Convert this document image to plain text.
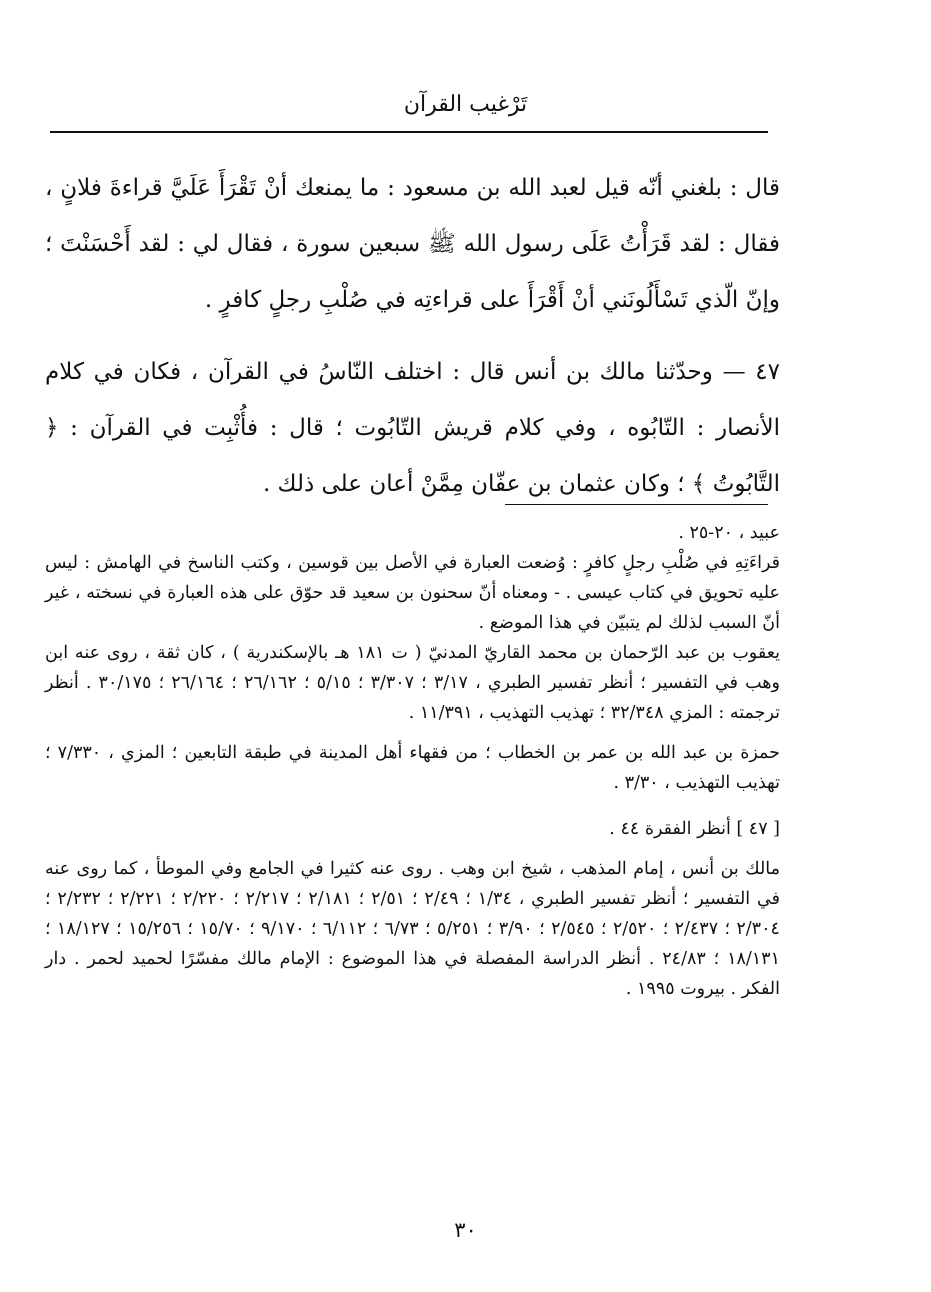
تَرْغيب القرآن

قال : بلغني أنّه قيل لعبد الله بن مسعود : ما يمنعك أنْ تَقْرَأَ عَلَيَّ قراءةَ فلانٍ ، فقال : لقد قَرَأْتُ عَلَى رسول الله ﷺ سبعين سورة ، فقال لي : لقد أَحْسَنْتَ ؛ وإنّ الّذي تَسْأَلُونَني أنْ أَقْرَأَ على قراءتِه في صُلْبِ رجلٍ كافرٍ .

٤٧ — وحدّثنا مالك بن أنس قال : اختلف النّاسُ في القرآن ، فكان في كلام الأنصار : التّابُوه ، وفي كلام قريش التّابُوت ؛ قال : فأُثْبِت في القرآن : ﴿ التَّابُوتُ ﴾ ؛ وكان عثمان بن عفّان مِمَّنْ أعان على ذلك .

عبيد ، ٢٠-٢٥ .

قراءَتِهِ في صُلْبِ رجلٍ كافرٍ : وُضعت العبارة في الأصل بين قوسين ، وكتب الناسخ في الهامش : ليس عليه تحويق في كتاب عيسى . - ومعناه أنّ سحنون بن سعيد قد حوّق على هذه العبارة في نسخته ، غير أنّ السبب لذلك لم يتبيّن في هذا الموضع .

يعقوب بن عبد الرّحمان بن محمد القاريّ المدنيّ ( ت ١٨١ هـ بالإسكندرية ) ، كان ثقة ، روى عنه ابن وهب في التفسير ؛ أنظر تفسير الطبري ، ٣/١٧ ؛ ٣/٣٠٧ ؛ ٥/١٥ ؛ ٢٦/١٦٢ ؛ ٢٦/١٦٤ ؛ ٣٠/١٧٥ . أنظر ترجمته : المزي ٣٢/٣٤٨ ؛ تهذيب التهذيب ، ١١/٣٩١ .

حمزة بن عبد الله بن عمر بن الخطاب ؛ من فقهاء أهل المدينة في طبقة التابعين ؛ المزي ، ٧/٣٣٠ ؛ تهذيب التهذيب ، ٣/٣٠ .

[ ٤٧ ] أنظر الفقرة ٤٤ .

مالك بن أنس ، إمام المذهب ، شيخ ابن وهب . روى عنه كثيرا في الجامع وفي الموطأ ، كما روى عنه في التفسير ؛ أنظر تفسير الطبري ، ١/٣٤ ؛ ٢/٤٩ ؛ ٢/٥١ ؛ ٢/١٨١ ؛ ٢/٢١٧ ؛ ٢/٢٢٠ ؛ ٢/٢٢١ ؛ ٢/٢٣٢ ؛ ٢/٣٠٤ ؛ ٢/٤٣٧ ؛ ٢/٥٢٠ ؛ ٢/٥٤٥ ؛ ٣/٩٠ ؛ ٥/٢٥١ ؛ ٦/٧٣ ؛ ٦/١١٢ ؛ ٩/١٧٠ ؛ ١٥/٧٠ ؛ ١٥/٢٥٦ ؛ ١٨/١٢٧ ؛ ١٨/١٣١ ؛ ٢٤/٨٣ . أنظر الدراسة المفصلة في هذا الموضوع : الإمام مالك مفسّرًا لحميد لحمر . دار الفكر . بيروت ١٩٩٥ .

٣٠
